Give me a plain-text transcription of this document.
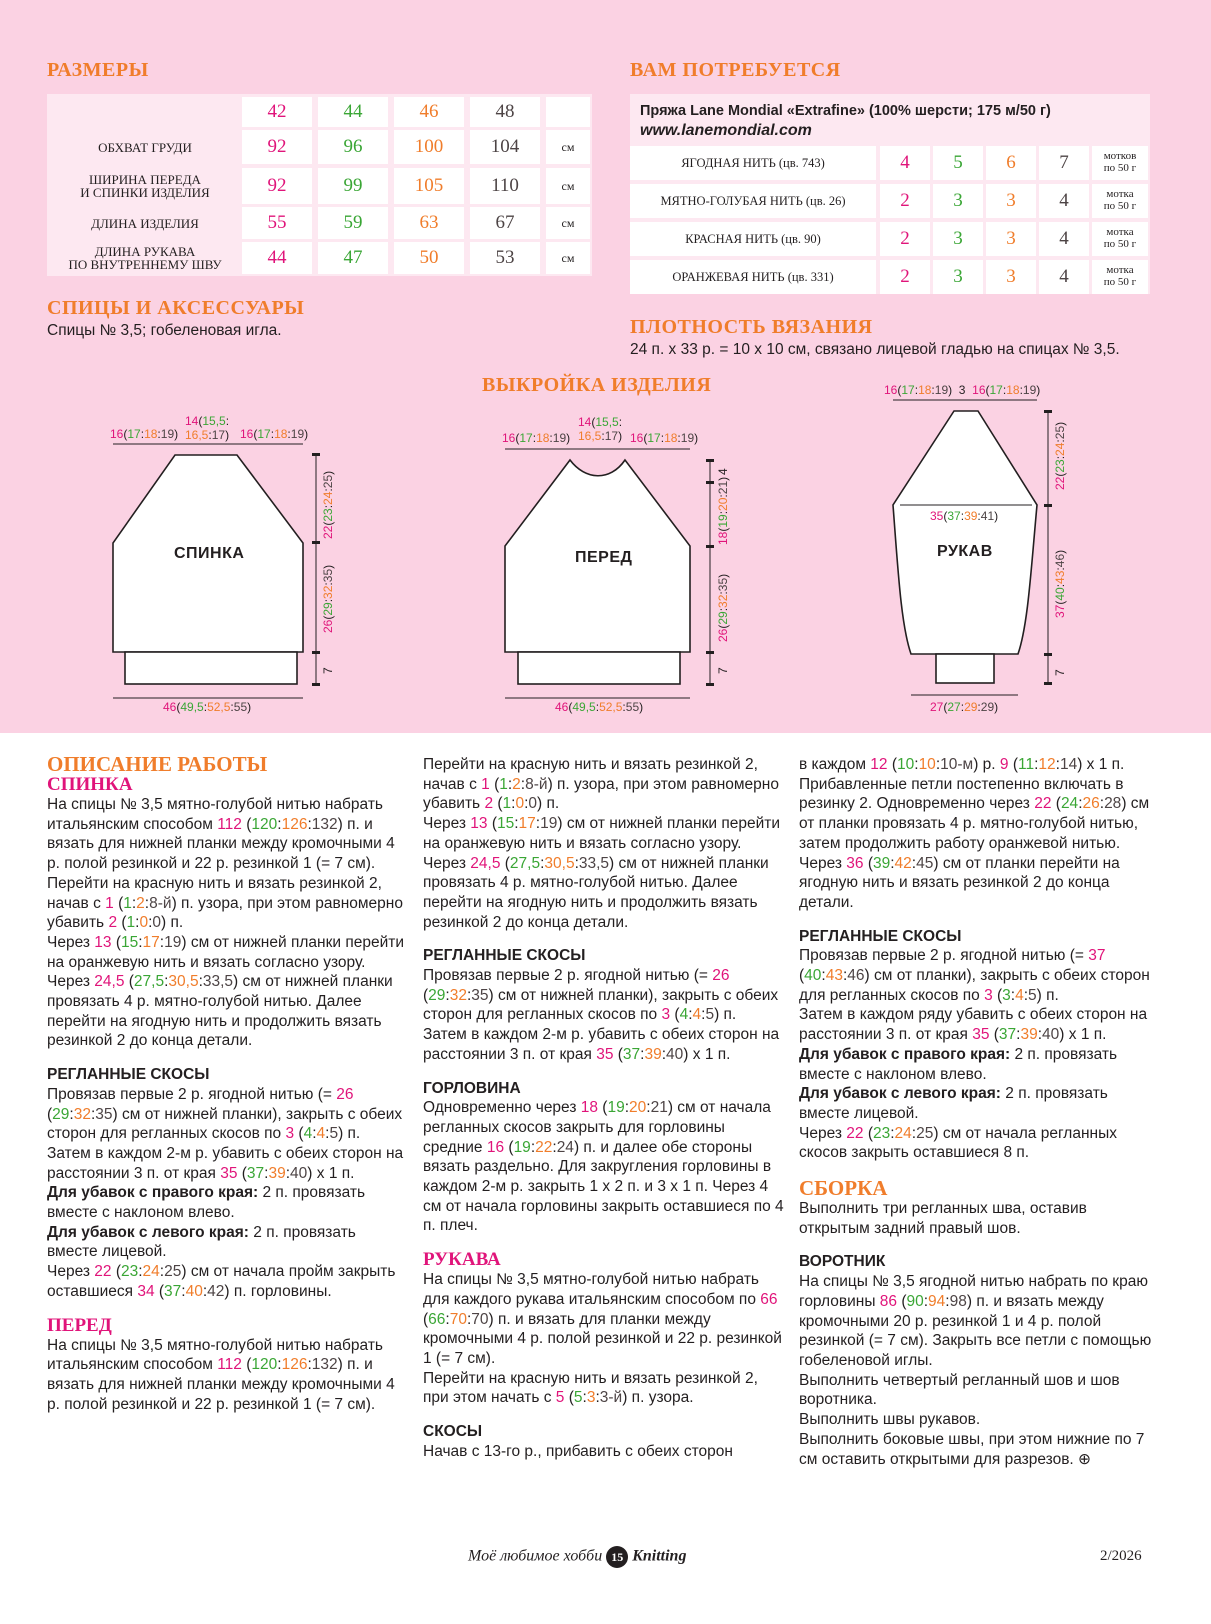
РАЗМЕРЫ
42	44	46	48
ОБХВАТ ГРУДИ	92	96	100	104	см
ШИРИНА ПЕРЕДА
И СПИНКИ ИЗДЕЛИЯ	92	99	105	110	см
ДЛИНА ИЗДЕЛИЯ	55	59	63	67	см
ДЛИНА РУКАВА
ПО ВНУТРЕННЕМУ ШВУ	44	47	50	53	см
СПИЦЫ И АКСЕССУАРЫ
Спицы № 3,5; гобеленовая игла.
ВАМ ПОТРЕБУЕТСЯ
Пряжа Lane Mondial «Extrafine» (100% шерсти; 175 м/50 г)
www.lanemondial.com
ЯГОДНАЯ НИТЬ (цв. 743)	4	5	6	7	мотков
по 50 г
МЯТНО-ГОЛУБАЯ НИТЬ (цв. 26)	2	3	3	4	мотка
по 50 г
КРАСНАЯ НИТЬ (цв. 90)	2	3	3	4	мотка
по 50 г
ОРАНЖЕВАЯ НИТЬ (цв. 331)	2	3	3	4	мотка
по 50 г
ПЛОТНОСТЬ ВЯЗАНИЯ
24 п. х 33 р. = 10 х 10 см, связано лицевой гладью на спицах № 3,5.
ВЫКРОЙКА ИЗДЕЛИЯ
СПИНКА	ПЕРЕД	РУКАВ
16(17:18:19)
14(15,5:
16,5:17) 16(17:18:19)
46(49,5:52,5:55)
22(23:24:25)
26(29:32:35)
7
16(17:18:19)
14(15,5:
16,5:17) 16(17:18:19)
46(49,5:52,5:55)
4
18(19:20:21)
26(29:32:35)
7
16(17:18:19)  3  16(17:18:19)
35(37:39:41)
27(27:29:29)
22(23:24:25)
37(40:43:46)
7
ОПИСАНИЕ РАБОТЫ
СПИНКА

На спицы № 3,5 мятно-голубой нитью набрать итальянским способом 112 (120:126:132) п. и вязать для нижней планки между кромочными 4 р. полой резинкой и 22 р. резинкой 1 (= 7 см).

Перейти на красную нить и вязать резинкой 2, начав с 1 (1:2:8-й) п. узора, при этом равномерно убавить 2 (1:0:0) п.

Через 13 (15:17:19) см от нижней планки перейти на оранжевую нить и вязать согласно узору.

Через 24,5 (27,5:30,5:33,5) см от нижней планки провязать 4 р. мятно-голубой нитью. Далее перейти на ягодную нить и продолжить вязать резинкой 2 до конца детали.

РЕГЛАННЫЕ СКОСЫ

Провязав первые 2 р. ягодной нитью (= 26 (29:32:35) см от нижней планки), закрыть с обеих сторон для регланных скосов по 3 (4:4:5) п.

Затем в каждом 2-м р. убавить с обеих сторон на расстоянии 3 п. от края 35 (37:39:40) х 1 п.

Для убавок с правого края: 2 п. провязать вместе с наклоном влево.

Для убавок с левого края: 2 п. провязать вместе лицевой.

Через 22 (23:24:25) см от начала пройм закрыть оставшиеся 34 (37:40:42) п. горловины.

ПЕРЕД

На спицы № 3,5 мятно-голубой нитью набрать итальянским способом 112 (120:126:132) п. и вязать для нижней планки между кромочными 4 р. полой резинкой и 22 р. резинкой 1 (= 7 см).

Перейти на красную нить и вязать резинкой 2, начав с 1 (1:2:8-й) п. узора, при этом равномерно убавить 2 (1:0:0) п.

Через 13 (15:17:19) см от нижней планки перейти на оранжевую нить и вязать согласно узору.

Через 24,5 (27,5:30,5:33,5) см от нижней планки провязать 4 р. мятно-голубой нитью. Далее перейти на ягодную нить и продолжить вязать резинкой 2 до конца детали.

РЕГЛАННЫЕ СКОСЫ

Провязав первые 2 р. ягодной нитью (= 26 (29:32:35) см от нижней планки), закрыть с обеих сторон для регланных скосов по 3 (4:4:5) п.

Затем в каждом 2-м р. убавить с обеих сторон на расстоянии 3 п. от края 35 (37:39:40) х 1 п.

ГОРЛОВИНА

Одновременно через 18 (19:20:21) см от начала регланных скосов закрыть для горловины средние 16 (19:22:24) п. и далее обе стороны вязать раздельно. Для закругления горловины в каждом 2-м р. закрыть 1 х 2 п. и 3 х 1 п. Через 4 см от начала горловины закрыть оставшиеся по 4 п. плеч.

РУКАВА

На спицы № 3,5 мятно-голубой нитью набрать для каждого рукава итальянским способом по 66 (66:70:70) п. и вязать для планки между кромочными 4 р. полой резинкой и 22 р. резинкой 1 (= 7 см).

Перейти на красную нить и вязать резинкой 2, при этом начать с 5 (5:3:3-й) п. узора.

СКОСЫ

Начав с 13-го р., прибавить с обеих сторон

в каждом 12 (10:10:10-м) р. 9 (11:12:14) х 1 п. Прибавленные петли постепенно включать в резинку 2. Одновременно через 22 (24:26:28) см от планки провязать 4 р. мятно-голубой нитью, затем продолжить работу оранжевой нитью.

Через 36 (39:42:45) см от планки перейти на ягодную нить и вязать резинкой 2 до конца детали.

РЕГЛАННЫЕ СКОСЫ

Провязав первые 2 р. ягодной нитью (= 37 (40:43:46) см от планки), закрыть с обеих сторон для регланных скосов по 3 (3:4:5) п.

Затем в каждом ряду убавить с обеих сторон на расстоянии 3 п. от края 35 (37:39:40) х 1 п.

Для убавок с правого края: 2 п. провязать вместе с наклоном влево.

Для убавок с левого края: 2 п. провязать вместе лицевой.

Через 22 (23:24:25) см от начала регланных скосов закрыть оставшиеся 8 п.

СБОРКА

Выполнить три регланных шва, оставив открытым задний правый шов.

ВОРОТНИК

На спицы № 3,5 ягодной нитью набрать по краю горловины 86 (90:94:98) п. и вязать между кромочными 20 р. резинкой 1 и 4 р. полой резинкой (= 7 см). Закрыть все петли с помощью гобеленовой иглы.

Выполнить четвертый регланный шов и шов воротника.

Выполнить швы рукавов.

Выполнить боковые швы, при этом нижние по 7 см оставить открытыми для разрезов. ⊕

Моё любимое хобби 15 Knitting	2/2026
